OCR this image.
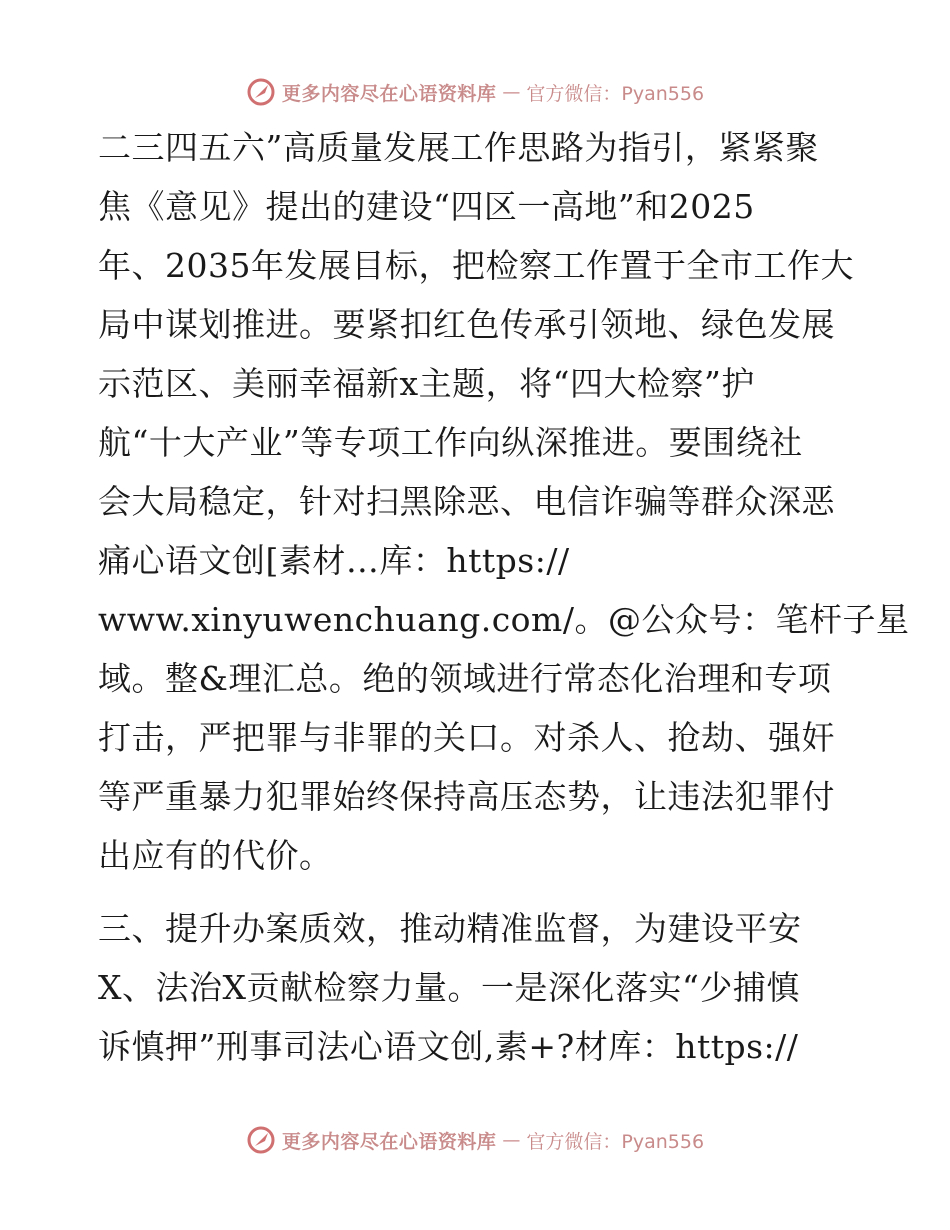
更多内容尽在心语资料库 — 官方微信：Pyan556
二三四五六”高质量发展工作思路为指引，紧紧聚
焦《意见》提出的建设“四区一高地”和2025
年、2035年发展目标，把检察工作置于全市工作大
局中谋划推进。要紧扣红色传承引领地、绿色发展
示范区、美丽幸福新x主题，将“四大检察”护
航“十大产业”等专项工作向纵深推进。要围绕社
会大局稳定，针对扫黑除恶、电信诈骗等群众深恶
痛心语文创[素材…库：https://
www.xinyuwenchuang.com/。@公众号：笔杆子星
域。整&理汇总。绝的领域进行常态化治理和专项
打击，严把罪与非罪的关口。对杀人、抢劫、强奸
等严重暴力犯罪始终保持高压态势，让违法犯罪付
出应有的代价。
三、提升办案质效，推动精准监督，为建设平安
X、法治X贡献检察力量。一是深化落实“少捕慎
诉慎押”刑事司法心语文创,素+?材库：https://
更多内容尽在心语资料库 — 官方微信：Pyan556
